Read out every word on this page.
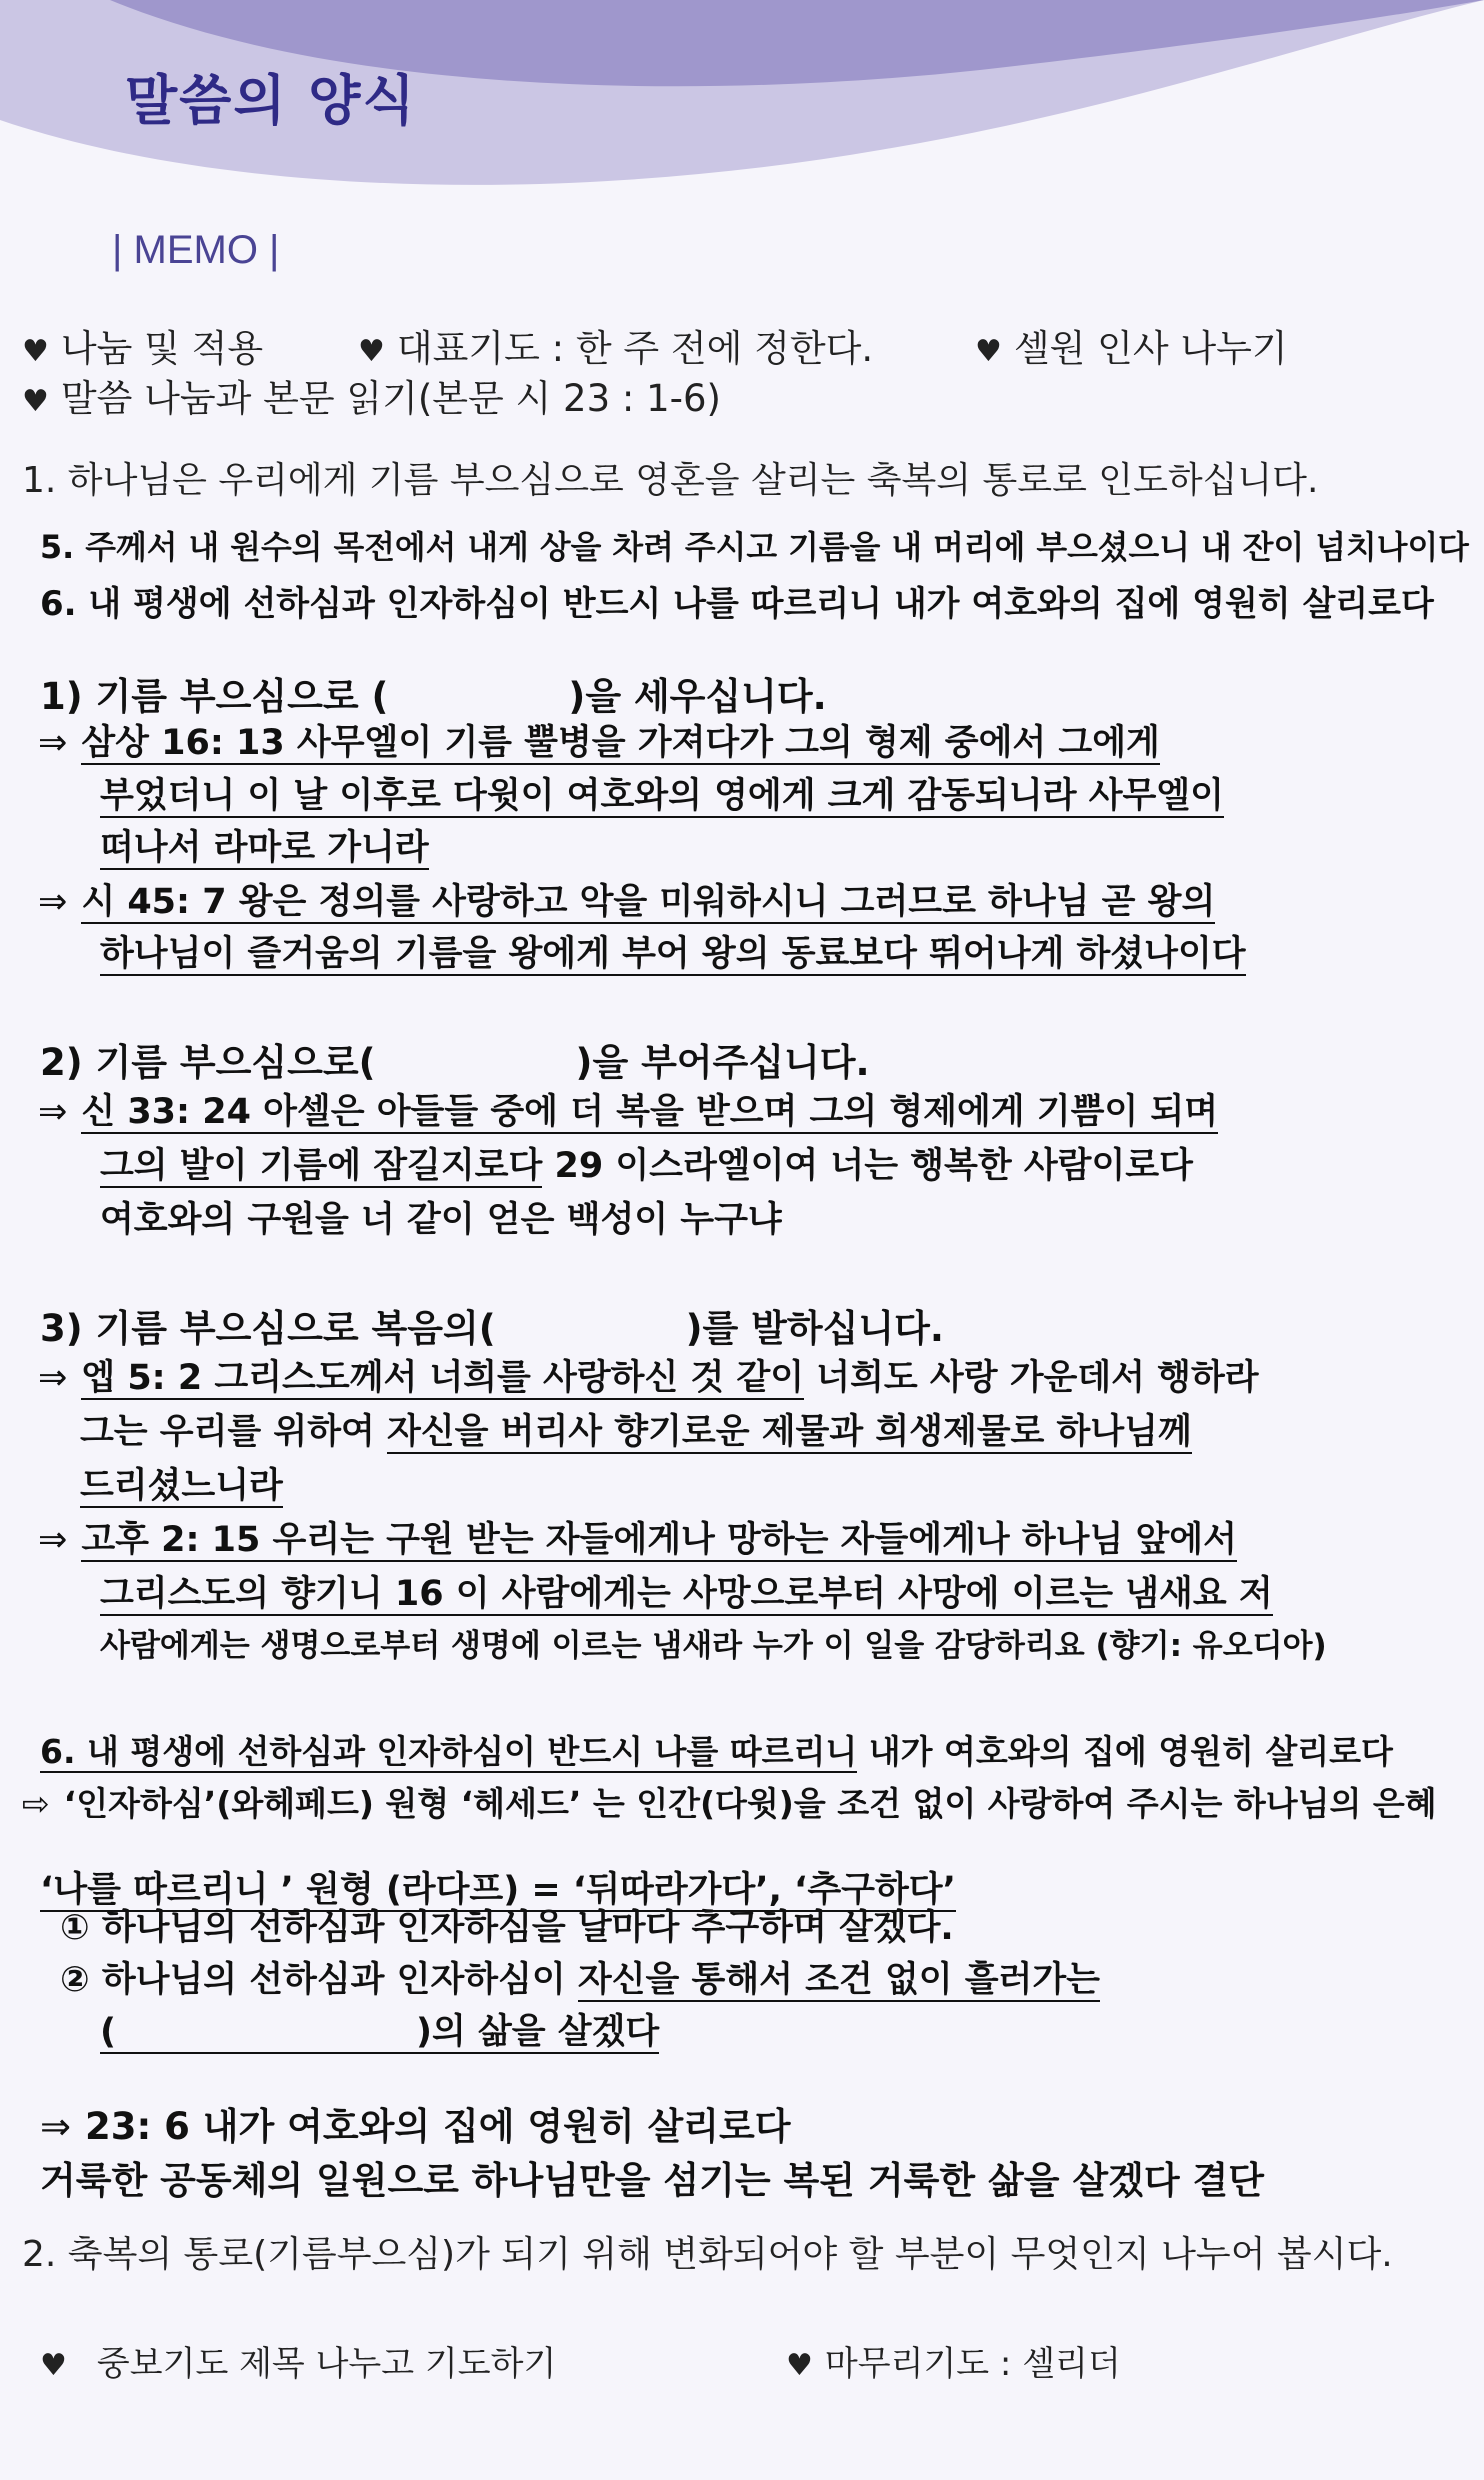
말씀의 양식
| MEMO |
♥ 나눔 및 적용	♥ 대표기도 : 한 주 전에 정한다.	♥ 셀원 인사 나누기
♥ 말씀 나눔과 본문 읽기(본문 시 23 : 1-6)
1. 하나님은 우리에게 기름 부으심으로 영혼을 살리는 축복의 통로로 인도하십니다.
5. 주께서 내 원수의 목전에서 내게 상을 차려 주시고 기름을 내 머리에 부으셨으니 내 잔이 넘치나이다
6. 내 평생에 선하심과 인자하심이 반드시 나를 따르리니 내가 여호와의 집에 영원히 살리로다
1) 기름 부으심으로 (	)을 세우십니다.
⇒ 삼상 16: 13 사무엘이 기름 뿔병을 가져다가 그의 형제 중에서 그에게
부었더니 이 날 이후로 다윗이 여호와의 영에게 크게 감동되니라 사무엘이
떠나서 라마로 가니라
⇒ 시 45: 7 왕은 정의를 사랑하고 악을 미워하시니 그러므로 하나님 곧 왕의
하나님이 즐거움의 기름을 왕에게 부어 왕의 동료보다 뛰어나게 하셨나이다
2) 기름 부으심으로(	)을 부어주십니다.
⇒ 신 33: 24 아셀은 아들들 중에 더 복을 받으며 그의 형제에게 기쁨이 되며
그의 발이 기름에 잠길지로다 29 이스라엘이여 너는 행복한 사람이로다
여호와의 구원을 너 같이 얻은 백성이 누구냐
3) 기름 부으심으로 복음의(	)를 발하십니다.
⇒ 엡 5: 2 그리스도께서 너희를 사랑하신 것 같이 너희도 사랑 가운데서 행하라
그는 우리를 위하여 자신을 버리사 향기로운 제물과 희생제물로 하나님께
드리셨느니라
⇒ 고후 2: 15 우리는 구원 받는 자들에게나 망하는 자들에게나 하나님 앞에서
그리스도의 향기니 16 이 사람에게는 사망으로부터 사망에 이르는 냄새요 저
사람에게는 생명으로부터 생명에 이르는 냄새라 누가 이 일을 감당하리요 (향기: 유오디아)
6. 내 평생에 선하심과 인자하심이 반드시 나를 따르리니 내가 여호와의 집에 영원히 살리로다
⇨ ‘인자하심’(와헤페드) 원형 ‘헤세드’ 는 인간(다윗)을 조건 없이 사랑하여 주시는 하나님의 은혜
‘나를 따르리니 ’ 원형 (라다프) = ‘뒤따라가다’, ‘추구하다’
① 하나님의 선하심과 인자하심을 날마다 추구하며 살겠다.
② 하나님의 선하심과 인자하심이 자신을 통해서 조건 없이 흘러가는
(	)의 삶을 살겠다
⇒ 23: 6 내가 여호와의 집에 영원히 살리로다
거룩한 공동체의 일원으로 하나님만을 섬기는 복된 거룩한 삶을 살겠다 결단
2. 축복의 통로(기름부으심)가 되기 위해 변화되어야 할 부분이 무엇인지 나누어 봅시다.
♥ 중보기도 제목 나누고 기도하기	♥ 마무리기도 : 셀리더
